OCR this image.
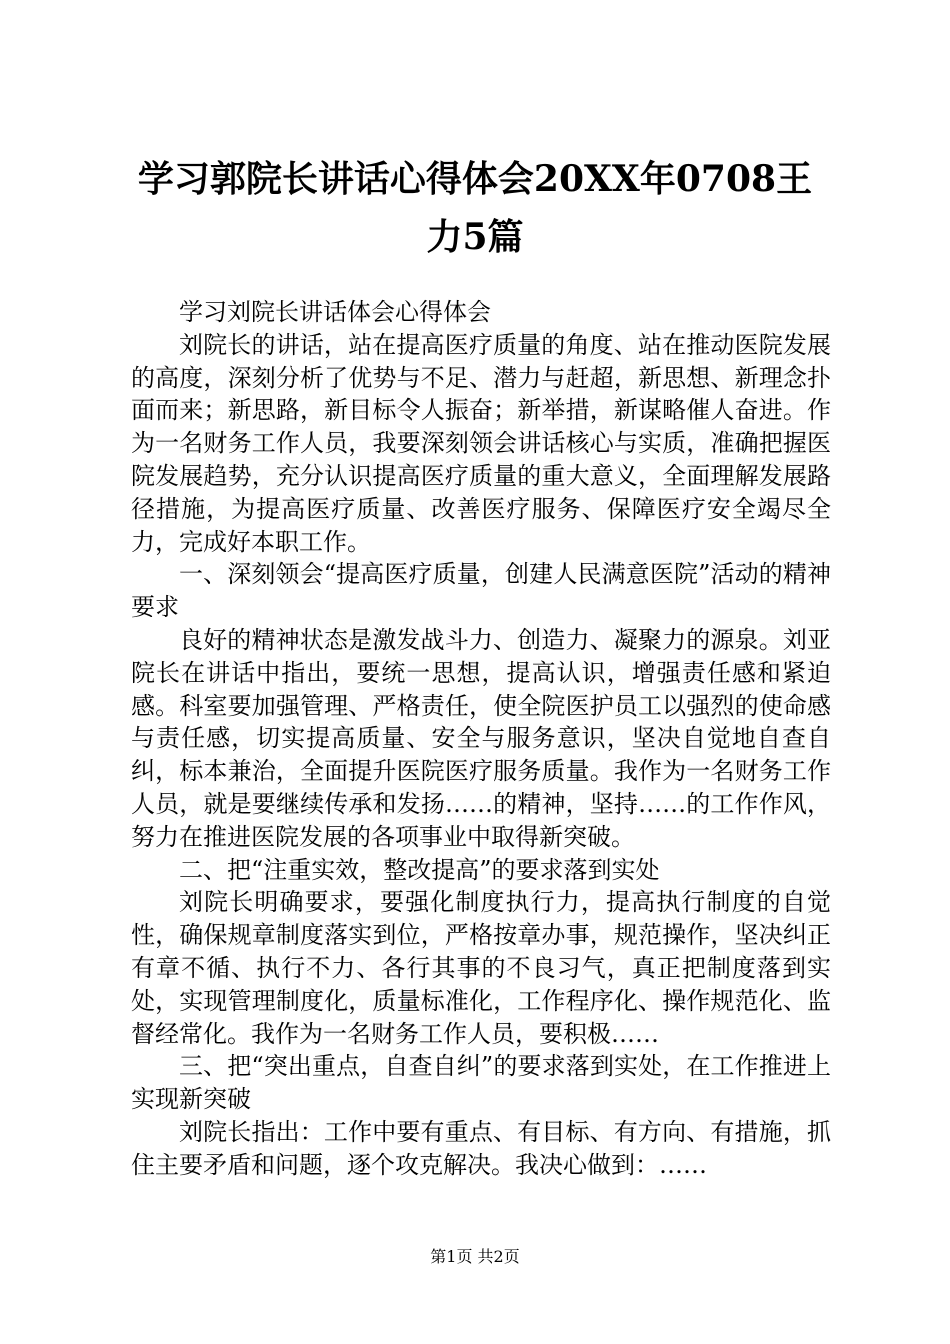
学习郭院长讲话心得体会20XX年0708王力5篇

学习刘院长讲话体会心得体会

刘院长的讲话，站在提高医疗质量的角度、站在推动医院发展的高度，深刻分析了优势与不足、潜力与赶超，新思想、新理念扑面而来；新思路，新目标令人振奋；新举措，新谋略催人奋进。作为一名财务工作人员，我要深刻领会讲话核心与实质，准确把握医院发展趋势，充分认识提高医疗质量的重大意义，全面理解发展路径措施，为提高医疗质量、改善医疗服务、保障医疗安全竭尽全力，完成好本职工作。

一、深刻领会“提高医疗质量，创建人民满意医院”活动的精神要求

良好的精神状态是激发战斗力、创造力、凝聚力的源泉。刘亚院长在讲话中指出，要统一思想，提高认识，增强责任感和紧迫感。科室要加强管理、严格责任，使全院医护员工以强烈的使命感与责任感，切实提高质量、安全与服务意识，坚决自觉地自查自纠，标本兼治，全面提升医院医疗服务质量。我作为一名财务工作人员，就是要继续传承和发扬……的精神，坚持……的工作作风，努力在推进医院发展的各项事业中取得新突破。

二、把“注重实效，整改提高”的要求落到实处

刘院长明确要求，要强化制度执行力，提高执行制度的自觉性，确保规章制度落实到位，严格按章办事，规范操作，坚决纠正有章不循、执行不力、各行其事的不良习气，真正把制度落到实处，实现管理制度化，质量标准化，工作程序化、操作规范化、监督经常化。我作为一名财务工作人员，要积极……

三、把“突出重点，自查自纠”的要求落到实处，在工作推进上实现新突破

刘院长指出：工作中要有重点、有目标、有方向、有措施，抓住主要矛盾和问题，逐个攻克解决。我决心做到：……

第1页 共2页
